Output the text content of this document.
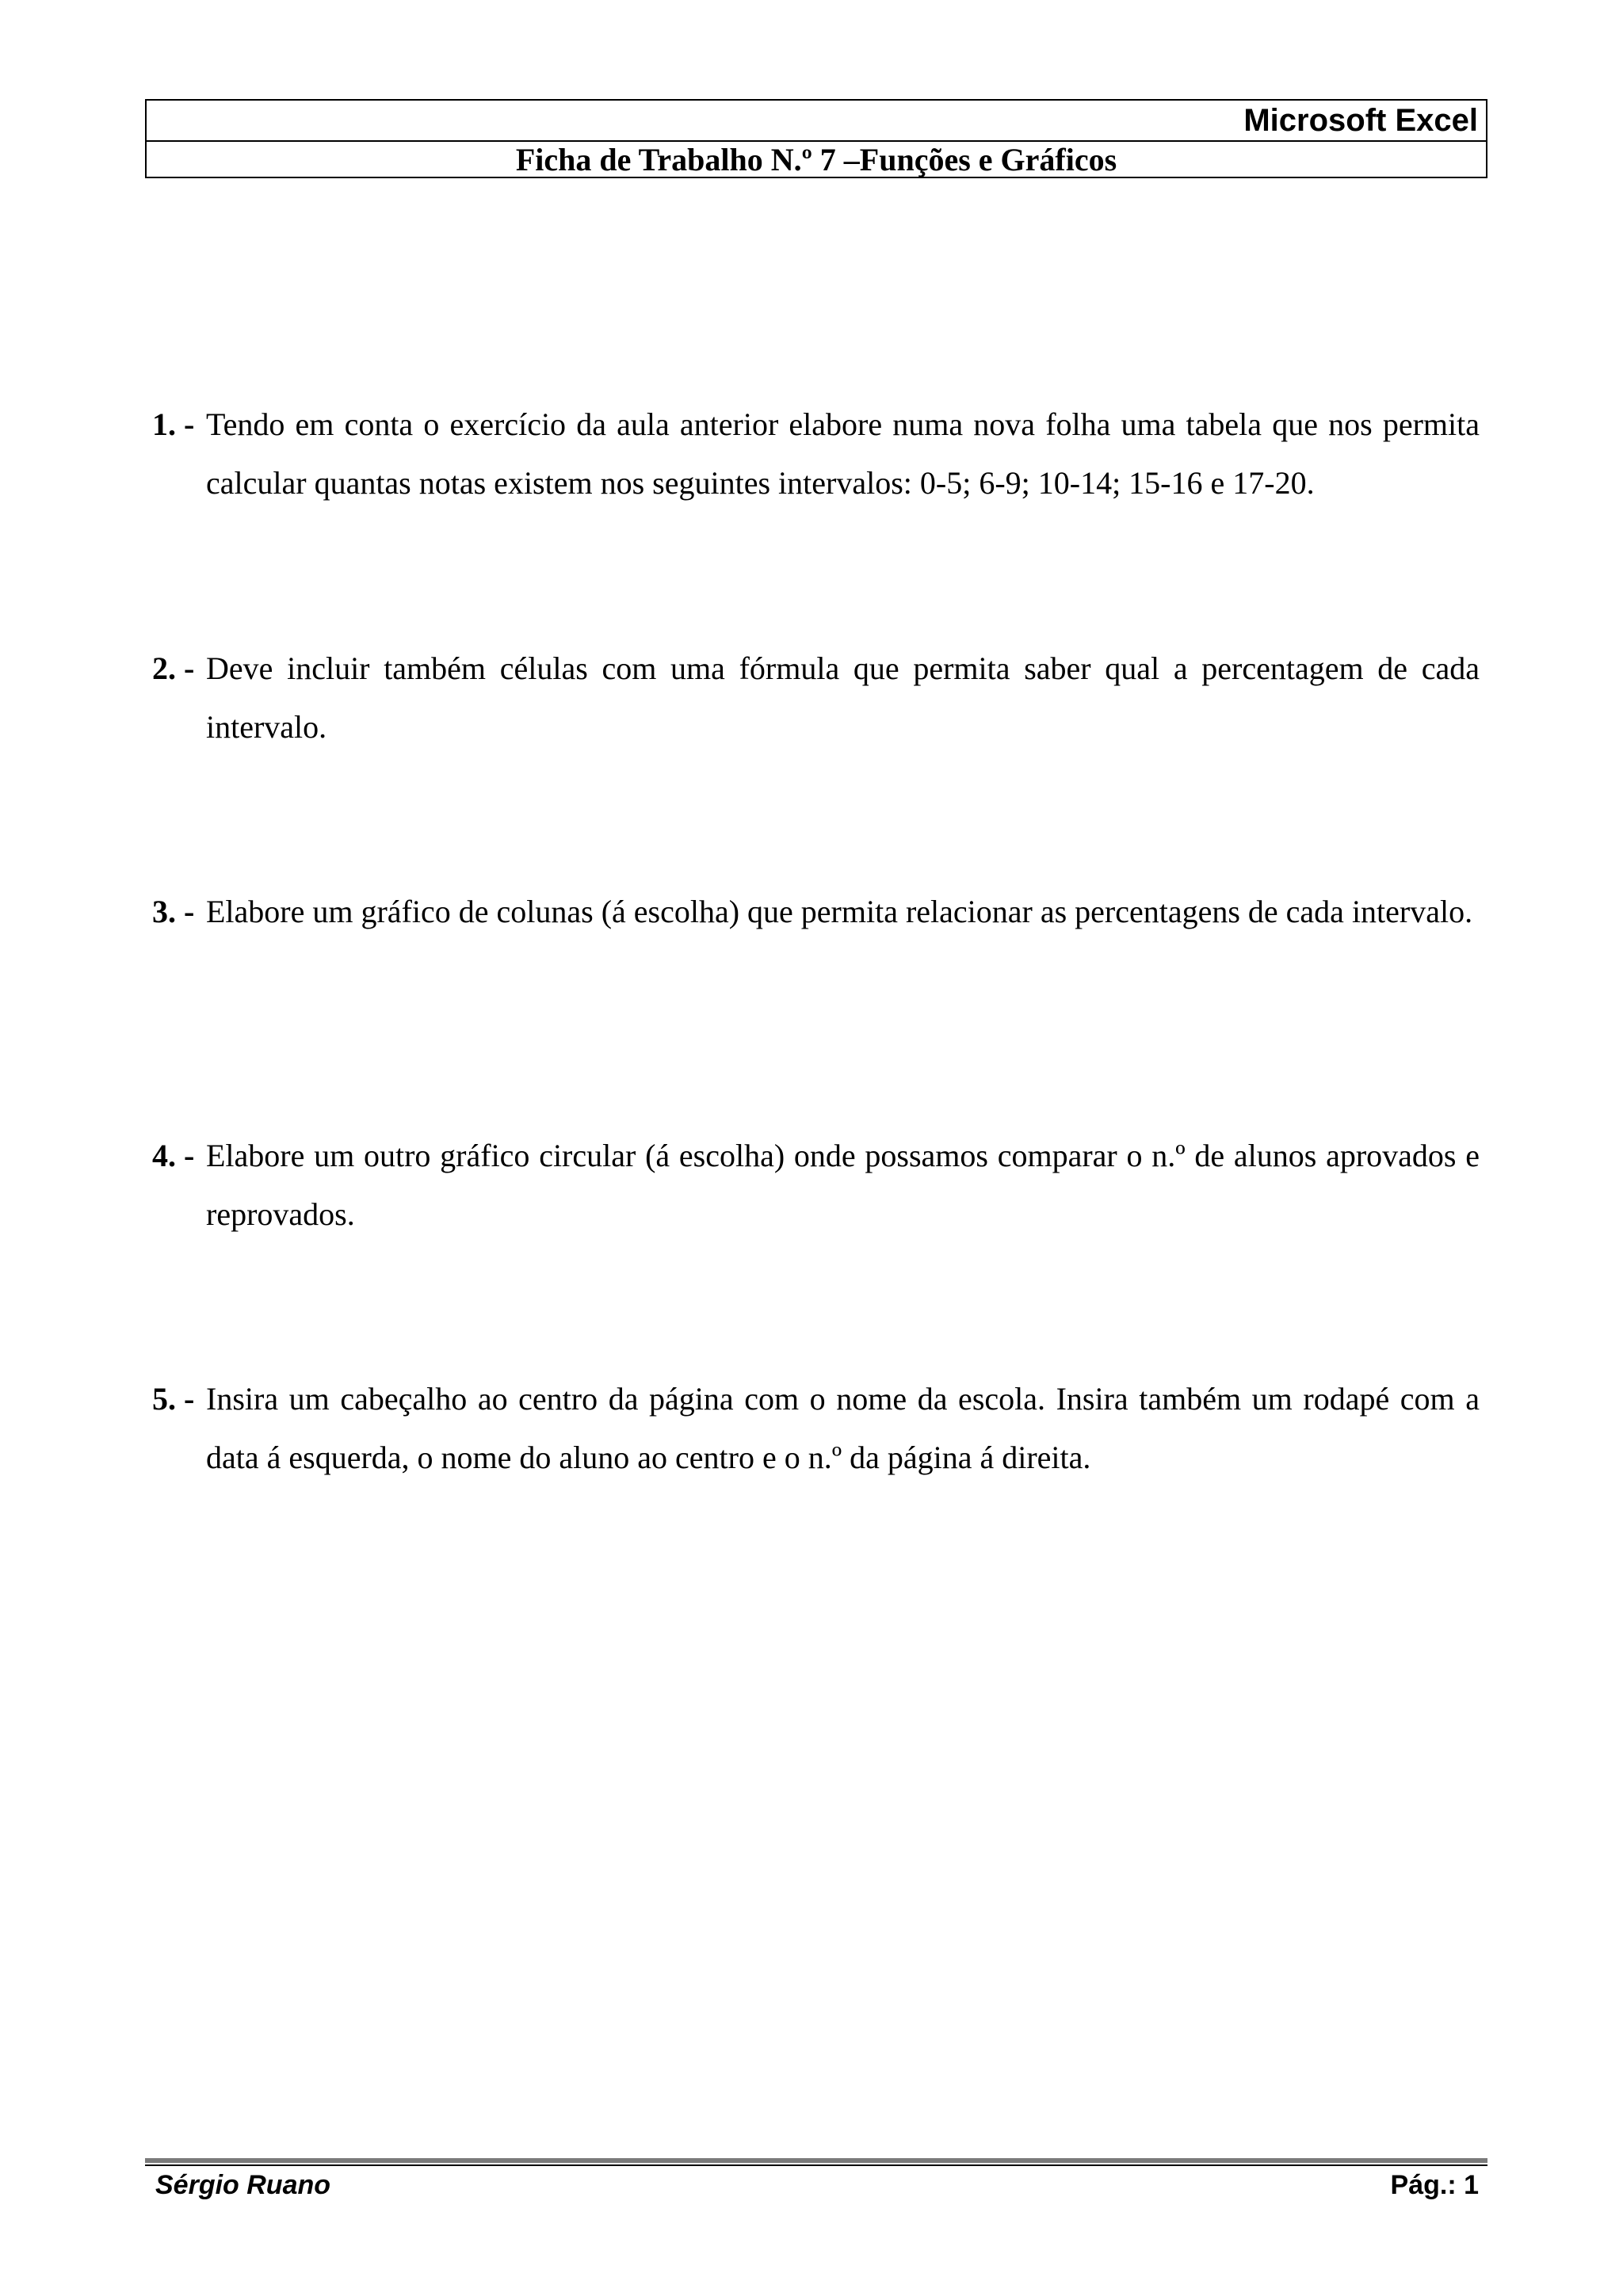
Microsoft Excel
Ficha de Trabalho N.º 7 –Funções e Gráficos
1. - Tendo em conta o exercício da aula anterior elabore numa nova folha uma tabela que nos permita calcular quantas notas existem nos seguintes intervalos: 0-5; 6-9; 10-14; 15-16 e 17-20.
2. - Deve incluir também células com uma fórmula que permita saber qual a percentagem de cada intervalo.
3. - Elabore um gráfico de colunas (á escolha) que permita relacionar as percentagens de cada intervalo.
4. - Elabore um outro gráfico circular (á escolha) onde possamos comparar o n.º de alunos aprovados e reprovados.
5. - Insira um cabeçalho ao centro da página com o nome da escola. Insira também um rodapé com a data á esquerda, o nome do aluno ao centro e o n.º da página á direita.
Sérgio Ruano	Pág.: 1
